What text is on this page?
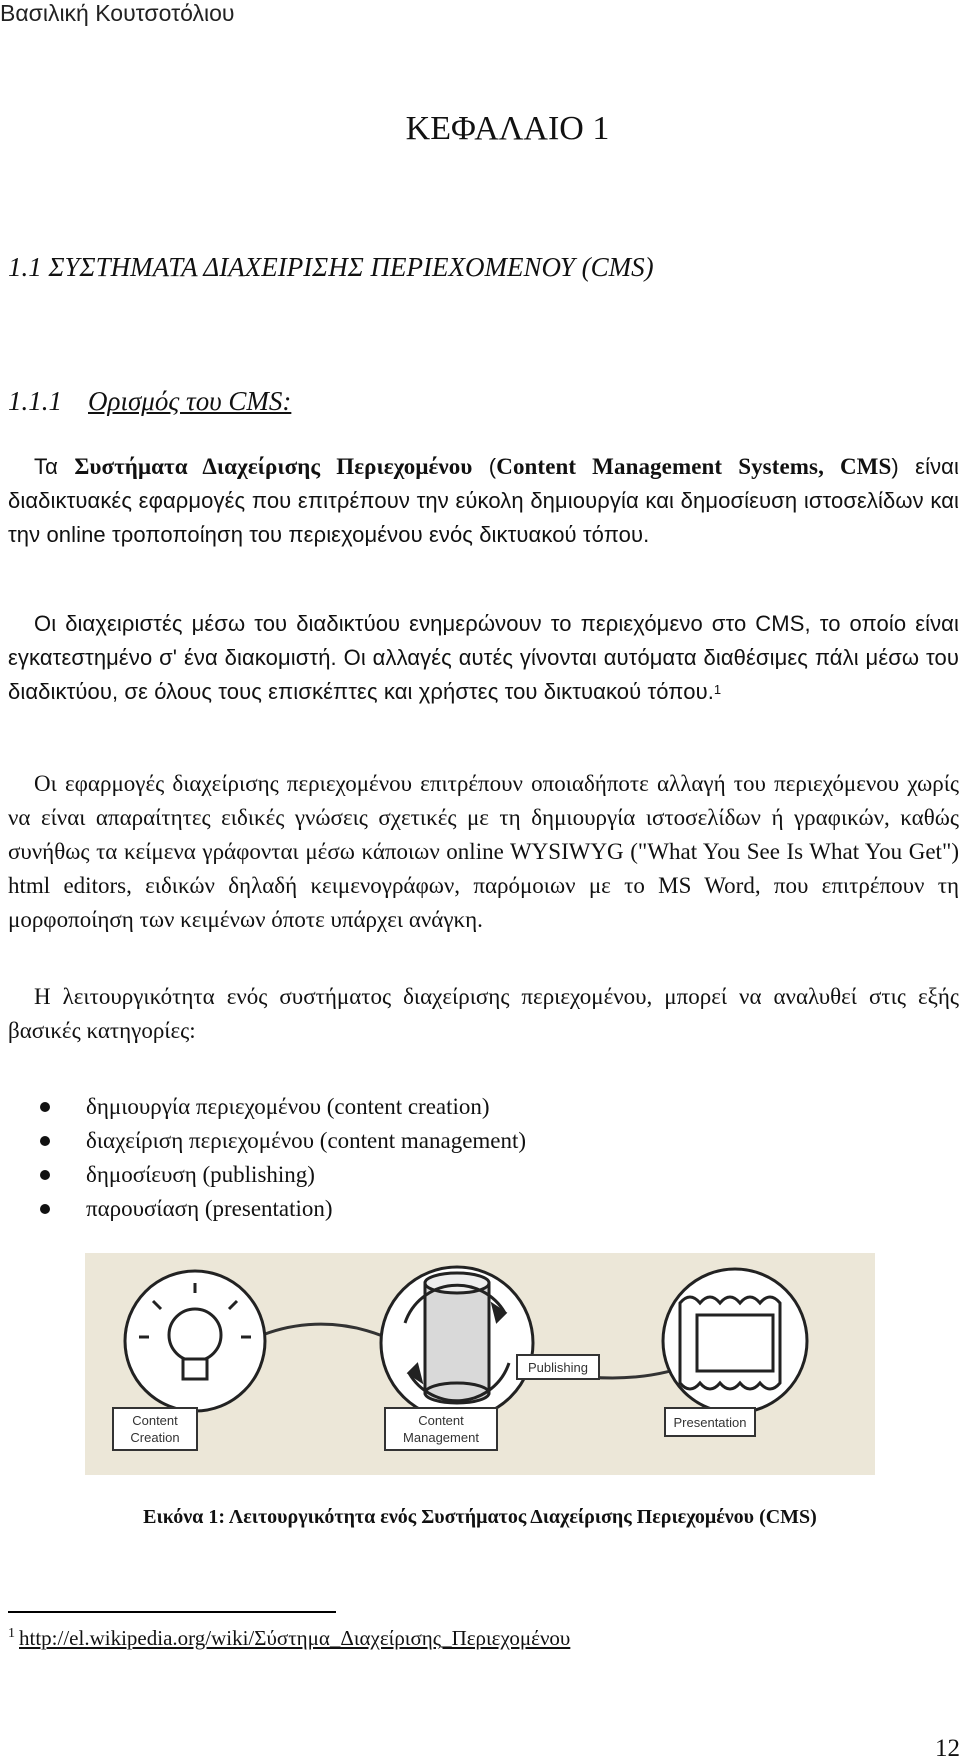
Βασιλική Κουτσοτόλιου
ΚΕΦΑΛΑΙΟ 1
1.1 ΣΥΣΤΗΜΑΤΑ ΔΙΑΧΕΙΡΙΣΗΣ ΠΕΡΙΕΧΟΜΕΝΟΥ (CMS)
1.1.1 Ορισμός του CMS:
Τα Συστήματα Διαχείρισης Περιεχομένου (Content Management Systems, CMS) είναι διαδικτυακές εφαρμογές που επιτρέπουν την εύκολη δημιουργία και δημοσίευση ιστοσελίδων και την online τροποποίηση του περιεχομένου ενός δικτυακού τόπου.
Οι διαχειριστές μέσω του διαδικτύου ενημερώνουν το περιεχόμενο στο CMS, το οποίο είναι εγκατεστημένο σ' ένα διακομιστή. Οι αλλαγές αυτές γίνονται αυτόματα διαθέσιμες πάλι μέσω του διαδικτύου, σε όλους τους επισκέπτες και χρήστες του δικτυακού τόπου.$^1$
Οι εφαρμογές διαχείρισης περιεχομένου επιτρέπουν οποιαδήποτε αλλαγή του περιεχόμενου χωρίς να είναι απαραίτητες ειδικές γνώσεις σχετικές με τη δημιουργία ιστοσελίδων ή γραφικών, καθώς συνήθως τα κείμενα γράφονται μέσω κάποιων online WYSIWYG ("What You See Is What You Get") html editors, ειδικών δηλαδή κειμενογράφων, παρόμοιων με το MS Word, που επιτρέπουν τη μορφοποίηση των κειμένων όποτε υπάρχει ανάγκη.
Η λειτουργικότητα ενός συστήματος διαχείρισης περιεχομένου, μπορεί να αναλυθεί στις εξής βασικές κατηγορίες:
δημιουργία περιεχομένου (content creation)
διαχείριση περιεχομένου (content management)
δημοσίευση (publishing)
παρουσίαση (presentation)
Content
Creation
Content
Management
Publishing
Presentation
Εικόνα 1: Λειτουργικότητα ενός Συστήματος Διαχείρισης Περιεχομένου (CMS)
$^1$ http://el.wikipedia.org/wiki/Σύστημα_Διαχείρισης_Περιεχομένου
12
